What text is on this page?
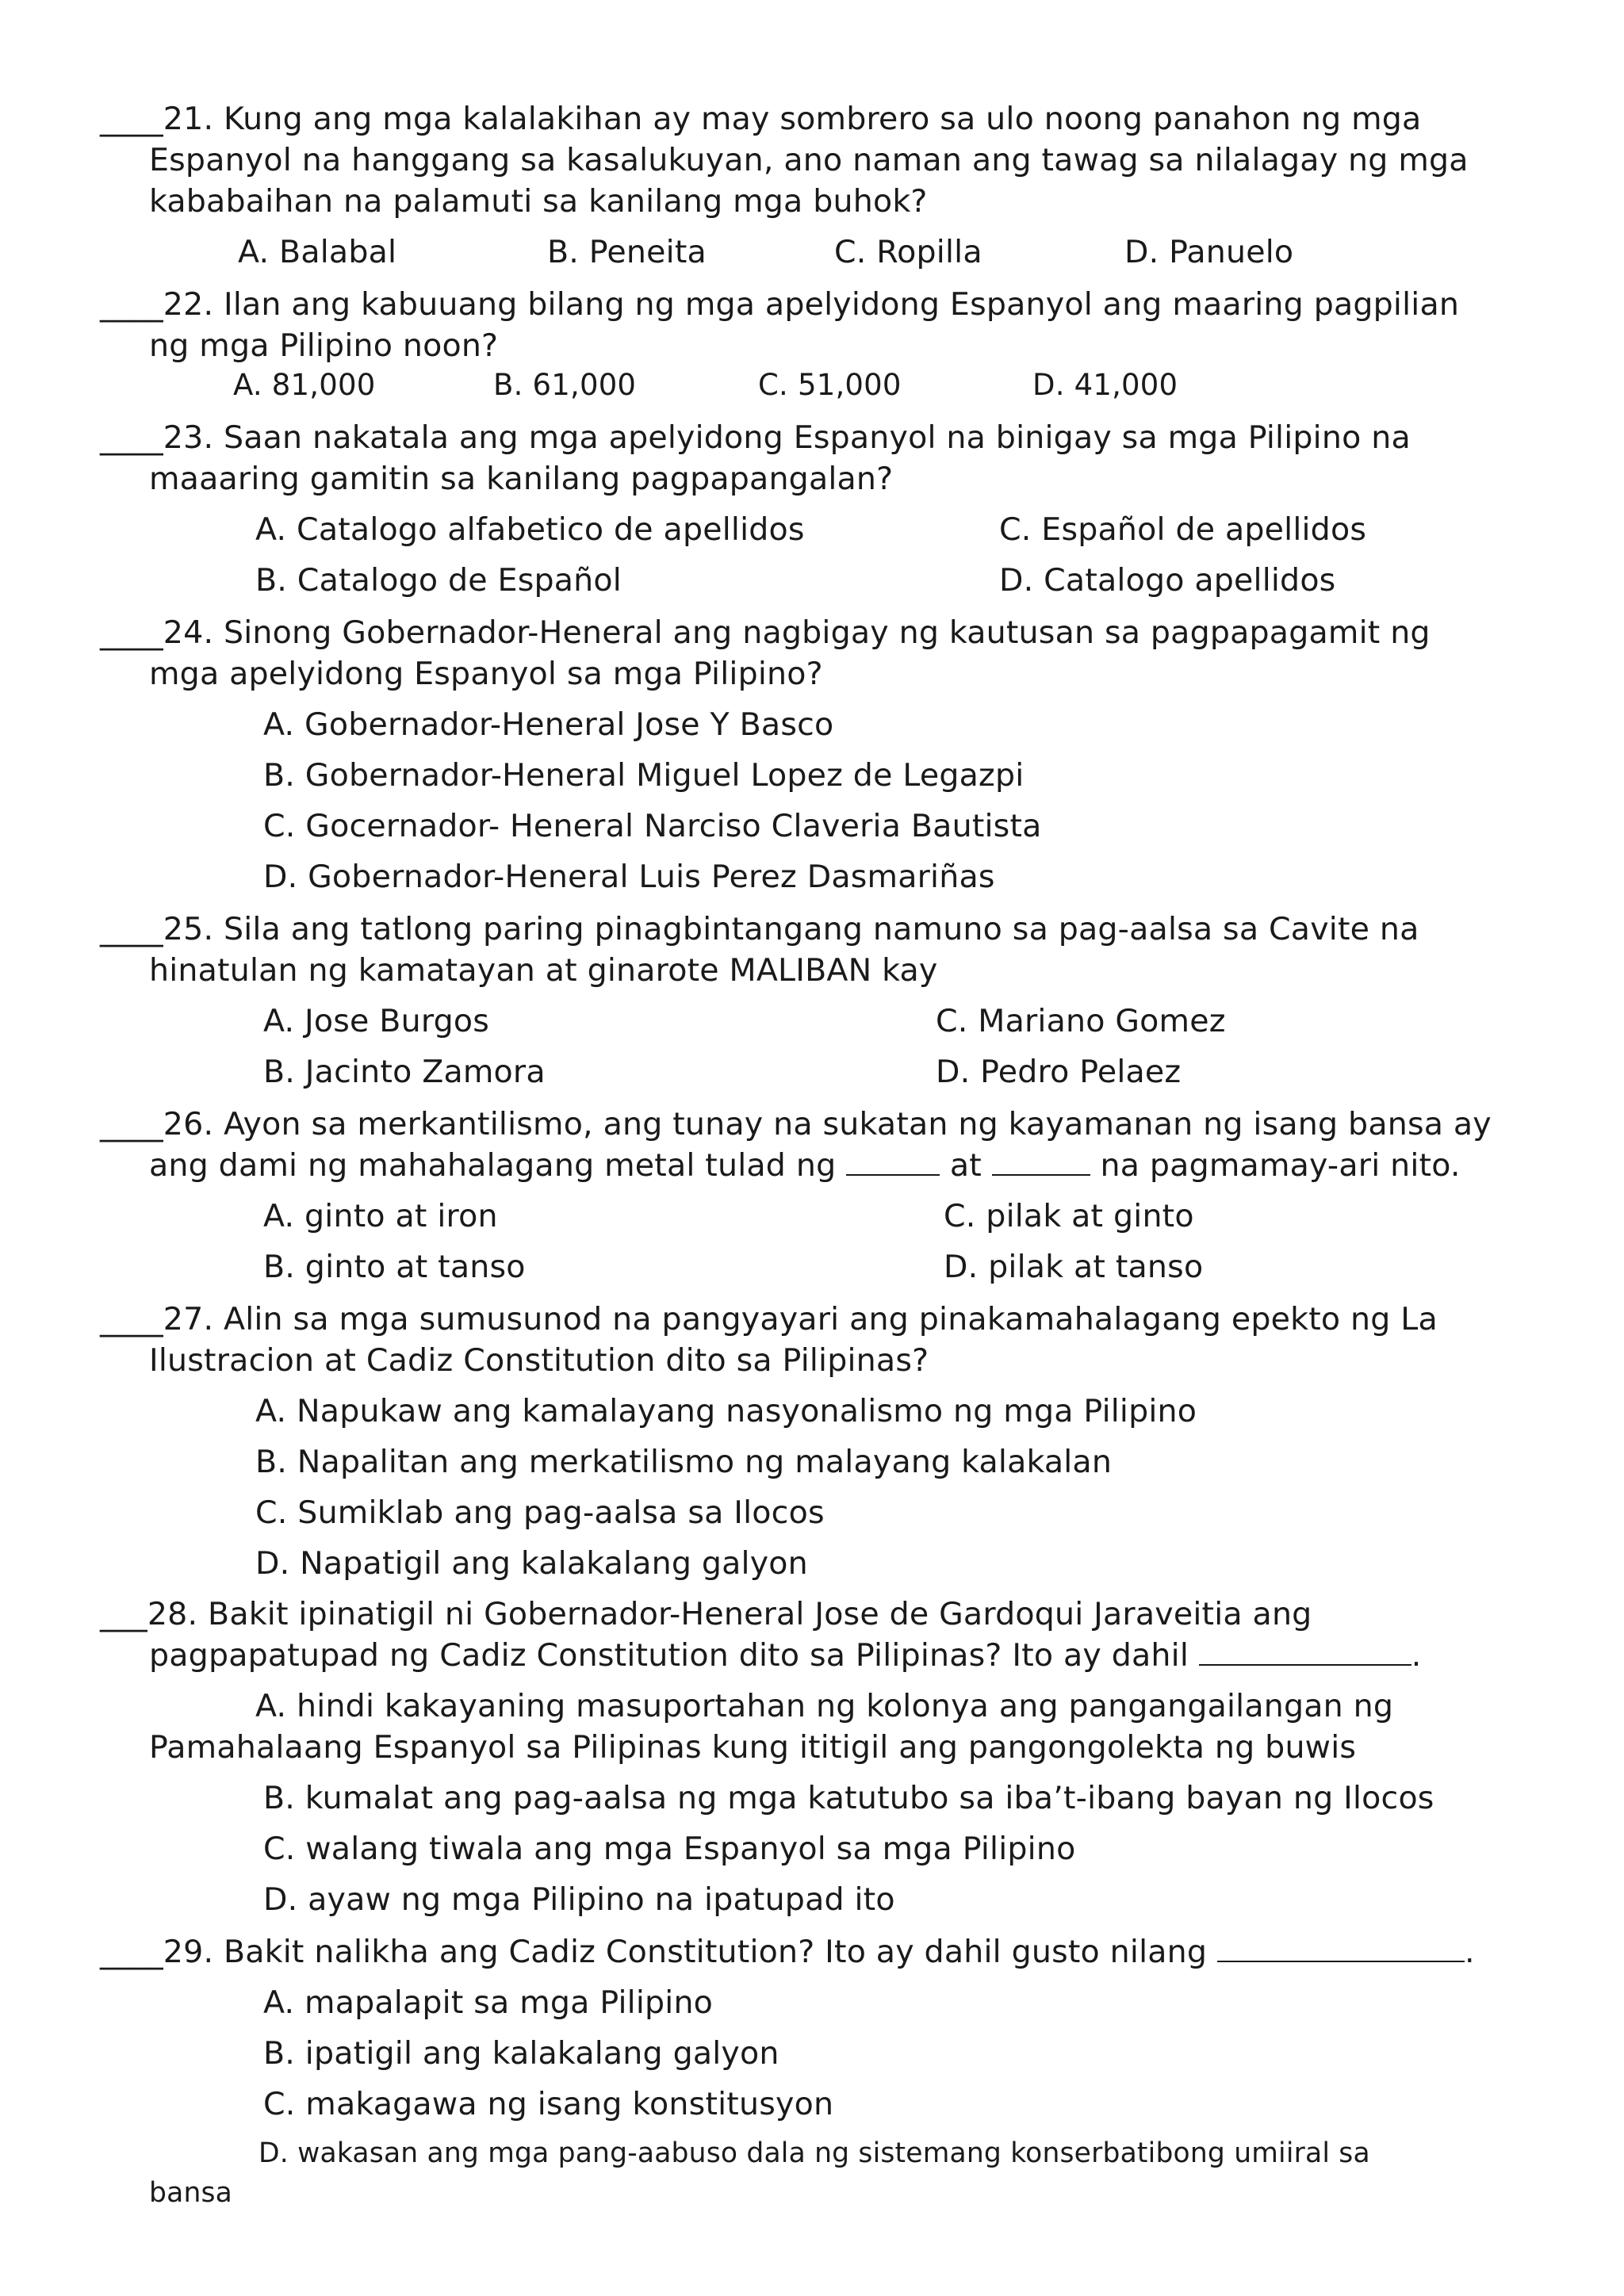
____21. Kung ang mga kalalakihan ay may sombrero sa ulo noong panahon ng mga
Espanyol na hanggang sa kasalukuyan, ano naman ang tawag sa nilalagay ng mga
kababaihan na palamuti sa kanilang mga buhok?
A. Balabal	B. Peneita	C. Ropilla	D. Panuelo
____22. Ilan ang kabuuang bilang ng mga apelyidong Espanyol ang maaring pagpilian
ng mga Pilipino noon?
A. 81,000	B. 61,000	C. 51,000	D. 41,000
____23. Saan nakatala ang mga apelyidong Espanyol na binigay sa mga Pilipino na
maaaring gamitin sa kanilang pagpapangalan?
A. Catalogo alfabetico de apellidos	C. Español de apellidos
B. Catalogo de Español	D. Catalogo apellidos
____24. Sinong Gobernador-Heneral ang nagbigay ng kautusan sa pagpapagamit ng
mga apelyidong Espanyol sa mga Pilipino?
A. Gobernador-Heneral Jose Y Basco
B. Gobernador-Heneral Miguel Lopez de Legazpi
C. Gocernador- Heneral Narciso Claveria Bautista
D. Gobernador-Heneral Luis Perez Dasmariñas
____25. Sila ang tatlong paring pinagbintangang namuno sa pag-aalsa sa Cavite na
hinatulan ng kamatayan at ginarote MALIBAN kay
A. Jose Burgos	C. Mariano Gomez
B. Jacinto Zamora	D. Pedro Pelaez
____26. Ayon sa merkantilismo, ang tunay na sukatan ng kayamanan ng isang bansa ay
ang dami ng mahahalagang metal tulad ng	at	na pagmamay-ari nito.
A. ginto at iron	C. pilak at ginto
B. ginto at tanso	D. pilak at tanso
____27. Alin sa mga sumusunod na pangyayari ang pinakamahalagang epekto ng La
Ilustracion at Cadiz Constitution dito sa Pilipinas?
A. Napukaw ang kamalayang nasyonalismo ng mga Pilipino
B. Napalitan ang merkatilismo ng malayang kalakalan
C. Sumiklab ang pag-aalsa sa Ilocos
D. Napatigil ang kalakalang galyon
___28. Bakit ipinatigil ni Gobernador-Heneral Jose de Gardoqui Jaraveitia ang
pagpapatupad ng Cadiz Constitution dito sa Pilipinas? Ito ay dahil	.
A. hindi kakayaning masuportahan ng kolonya ang pangangailangan ng
Pamahalaang Espanyol sa Pilipinas kung ititigil ang pangongolekta ng buwis
B. kumalat ang pag-aalsa ng mga katutubo sa iba’t-ibang bayan ng Ilocos
C. walang tiwala ang mga Espanyol sa mga Pilipino
D. ayaw ng mga Pilipino na ipatupad ito
____29. Bakit nalikha ang Cadiz Constitution? Ito ay dahil gusto nilang	.
A. mapalapit sa mga Pilipino
B. ipatigil ang kalakalang galyon
C. makagawa ng isang konstitusyon
D. wakasan ang mga pang-aabuso dala ng sistemang konserbatibong umiiral sa
bansa
